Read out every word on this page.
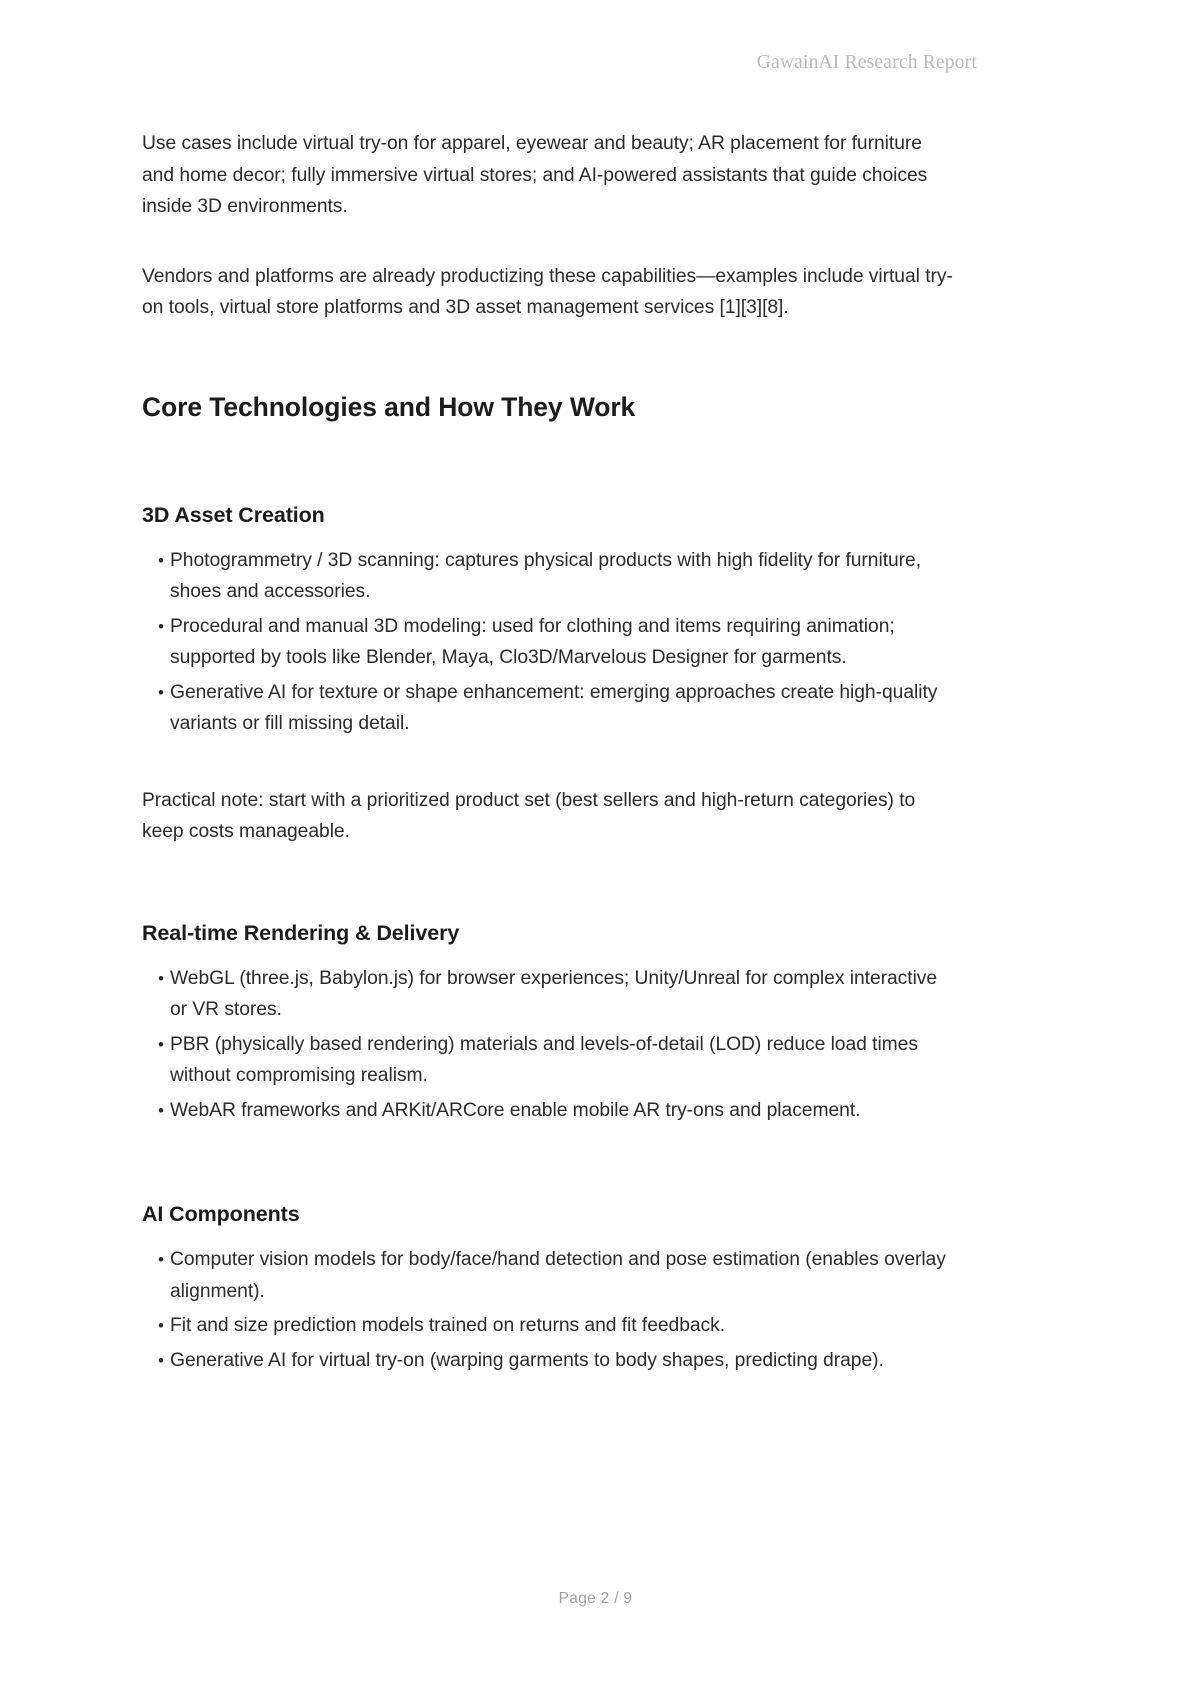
GawainAI Research Report

Use cases include virtual try-on for apparel, eyewear and beauty; AR placement for furniture and home decor; fully immersive virtual stores; and AI-powered assistants that guide choices inside 3D environments.

Vendors and platforms are already productizing these capabilities—examples include virtual try-on tools, virtual store platforms and 3D asset management services [1][3][8].

Core Technologies and How They Work
3D Asset Creation
• Photogrammetry / 3D scanning: captures physical products with high fidelity for furniture, shoes and accessories.
• Procedural and manual 3D modeling: used for clothing and items requiring animation; supported by tools like Blender, Maya, Clo3D/Marvelous Designer for garments.
• Generative AI for texture or shape enhancement: emerging approaches create high-quality variants or fill missing detail.

Practical note: start with a prioritized product set (best sellers and high-return categories) to keep costs manageable.

Real-time Rendering & Delivery
• WebGL (three.js, Babylon.js) for browser experiences; Unity/Unreal for complex interactive or VR stores.
• PBR (physically based rendering) materials and levels-of-detail (LOD) reduce load times without compromising realism.
• WebAR frameworks and ARKit/ARCore enable mobile AR try-ons and placement.
AI Components
• Computer vision models for body/face/hand detection and pose estimation (enables overlay alignment).
• Fit and size prediction models trained on returns and fit feedback.
• Generative AI for virtual try-on (warping garments to body shapes, predicting drape).
Page 2 / 9
